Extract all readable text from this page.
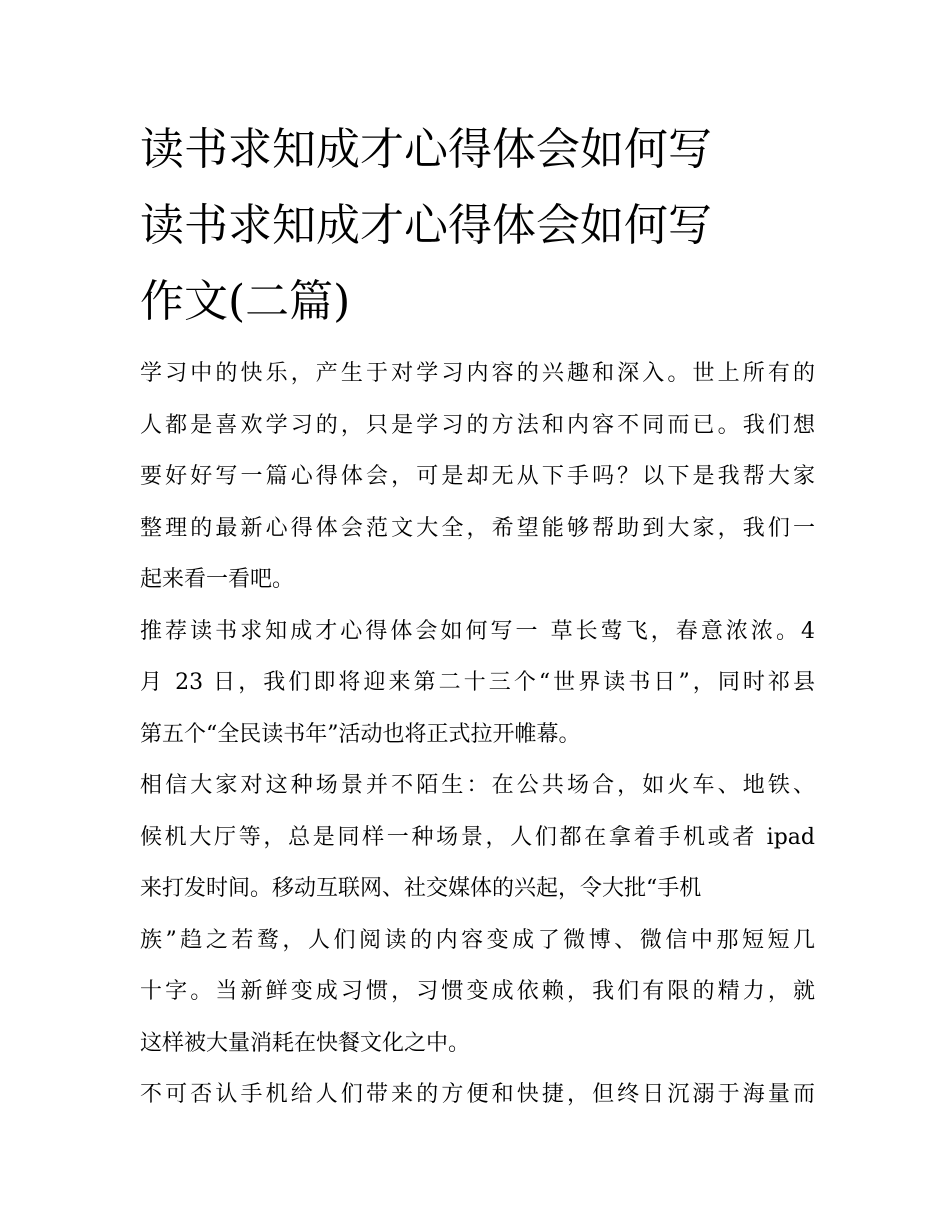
读书求知成才心得体会如何写
读书求知成才心得体会如何写
作文(二篇)
学习中的快乐，产生于对学习内容的兴趣和深入。世上所有的
人都是喜欢学习的，只是学习的方法和内容不同而已。我们想
要好好写一篇心得体会，可是却无从下手吗？以下是我帮大家
整理的最新心得体会范文大全，希望能够帮助到大家，我们一
起来看一看吧。
推荐读书求知成才心得体会如何写一 草长莺飞，春意浓浓。4
月 23 日，我们即将迎来第二十三个“世界读书日”，同时祁县
第五个“全民读书年”活动也将正式拉开帷幕。
相信大家对这种场景并不陌生：在公共场合，如火车、地铁、
候机大厅等，总是同样一种场景，人们都在拿着手机或者 ipad
来打发时间。移动互联网、社交媒体的兴起，令大批“手机
族”趋之若鹜，人们阅读的内容变成了微博、微信中那短短几
十字。当新鲜变成习惯，习惯变成依赖，我们有限的精力，就
这样被大量消耗在快餐文化之中。
不可否认手机给人们带来的方便和快捷，但终日沉溺于海量而
